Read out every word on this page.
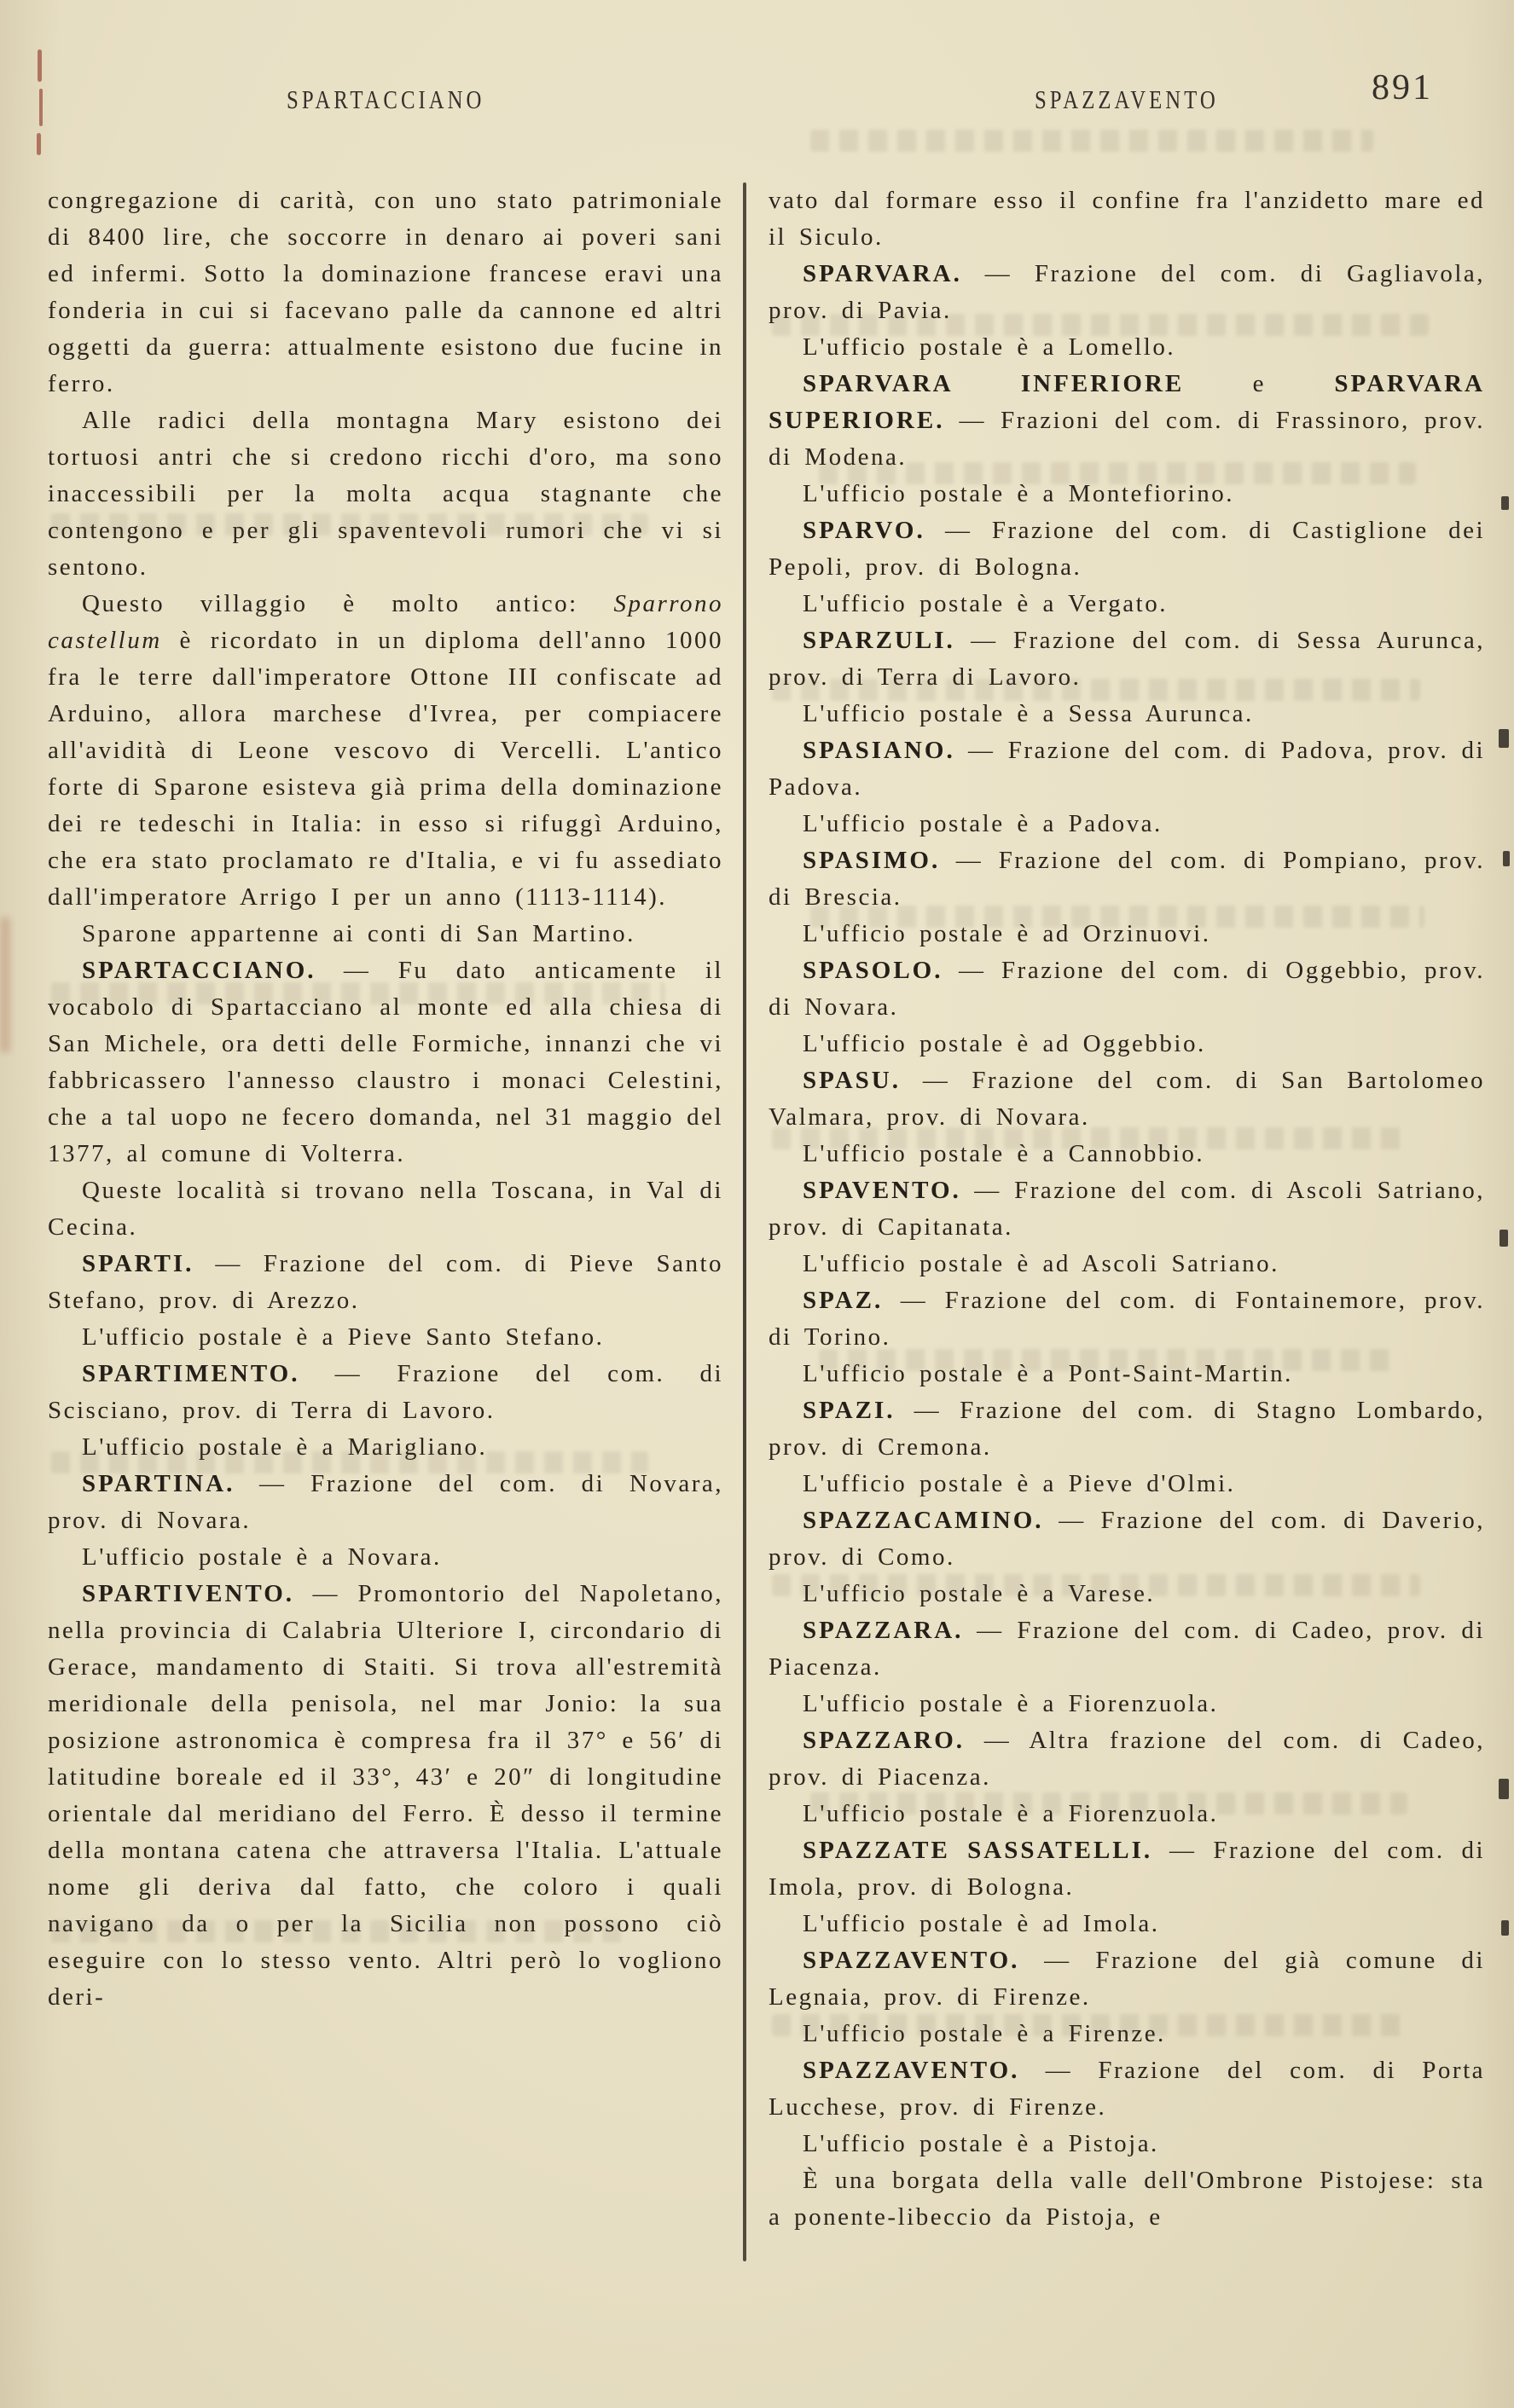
SPARTACCIANO	SPAZZAVENTO	891

congregazione di carità, con uno stato patrimoniale di 8400 lire, che soccorre in denaro ai poveri sani ed infermi. Sotto la dominazione francese eravi una fonderia in cui si facevano palle da cannone ed altri oggetti da guerra: attualmente esistono due fucine in ferro.

Alle radici della montagna Mary esistono dei tortuosi antri che si credono ricchi d'oro, ma sono inaccessibili per la molta acqua stagnante che contengono e per gli spaventevoli rumori che vi si sentono.

Questo villaggio è molto antico: Sparrono castellum è ricordato in un diploma dell'anno 1000 fra le terre dall'imperatore Ottone III confiscate ad Arduino, allora marchese d'Ivrea, per compiacere all'avidità di Leone vescovo di Vercelli. L'antico forte di Sparone esisteva già prima della dominazione dei re tedeschi in Italia: in esso si rifuggì Arduino, che era stato proclamato re d'Italia, e vi fu assediato dall'imperatore Arrigo I per un anno (1113-1114).

Sparone appartenne ai conti di San Martino.

SPARTACCIANO. — Fu dato anticamente il vocabolo di Spartacciano al monte ed alla chiesa di San Michele, ora detti delle Formiche, innanzi che vi fabbricassero l'annesso claustro i monaci Celestini, che a tal uopo ne fecero domanda, nel 31 maggio del 1377, al comune di Volterra.

Queste località si trovano nella Toscana, in Val di Cecina.

SPARTI. — Frazione del com. di Pieve Santo Stefano, prov. di Arezzo.

L'ufficio postale è a Pieve Santo Stefano.

SPARTIMENTO. — Frazione del com. di Scisciano, prov. di Terra di Lavoro.

L'ufficio postale è a Marigliano.

SPARTINA. — Frazione del com. di Novara, prov. di Novara.

L'ufficio postale è a Novara.

SPARTIVENTO. — Promontorio del Napoletano, nella provincia di Calabria Ulteriore I, circondario di Gerace, mandamento di Staiti. Si trova all'estremità meridionale della penisola, nel mar Jonio: la sua posizione astronomica è compresa fra il 37° e 56′ di latitudine boreale ed il 33°, 43′ e 20″ di longitudine orientale dal meridiano del Ferro. È desso il termine della montana catena che attraversa l'Italia. L'attuale nome gli deriva dal fatto, che coloro i quali navigano da o per la Sicilia non possono ciò eseguire con lo stesso vento. Altri però lo vogliono deri-

vato dal formare esso il confine fra l'anzidetto mare ed il Siculo.

SPARVARA. — Frazione del com. di Gagliavola, prov. di Pavia.

L'ufficio postale è a Lomello.

SPARVARA INFERIORE e SPARVARA SUPERIORE. — Frazioni del com. di Frassinoro, prov. di Modena.

L'ufficio postale è a Montefiorino.

SPARVO. — Frazione del com. di Castiglione dei Pepoli, prov. di Bologna.

L'ufficio postale è a Vergato.

SPARZULI. — Frazione del com. di Sessa Aurunca, prov. di Terra di Lavoro.

L'ufficio postale è a Sessa Aurunca.

SPASIANO. — Frazione del com. di Padova, prov. di Padova.

L'ufficio postale è a Padova.

SPASIMO. — Frazione del com. di Pompiano, prov. di Brescia.

L'ufficio postale è ad Orzinuovi.

SPASOLO. — Frazione del com. di Oggebbio, prov. di Novara.

L'ufficio postale è ad Oggebbio.

SPASU. — Frazione del com. di San Bartolomeo Valmara, prov. di Novara.

L'ufficio postale è a Cannobbio.

SPAVENTO. — Frazione del com. di Ascoli Satriano, prov. di Capitanata.

L'ufficio postale è ad Ascoli Satriano.

SPAZ. — Frazione del com. di Fontainemore, prov. di Torino.

L'ufficio postale è a Pont-Saint-Martin.

SPAZI. — Frazione del com. di Stagno Lombardo, prov. di Cremona.

L'ufficio postale è a Pieve d'Olmi.

SPAZZACAMINO. — Frazione del com. di Daverio, prov. di Como.

L'ufficio postale è a Varese.

SPAZZARA. — Frazione del com. di Cadeo, prov. di Piacenza.

L'ufficio postale è a Fiorenzuola.

SPAZZARO. — Altra frazione del com. di Cadeo, prov. di Piacenza.

L'ufficio postale è a Fiorenzuola.

SPAZZATE SASSATELLI. — Frazione del com. di Imola, prov. di Bologna.

L'ufficio postale è ad Imola.

SPAZZAVENTO. — Frazione del già comune di Legnaia, prov. di Firenze.

L'ufficio postale è a Firenze.

SPAZZAVENTO. — Frazione del com. di Porta Lucchese, prov. di Firenze.

L'ufficio postale è a Pistoja.

È una borgata della valle dell'Ombrone Pistojese: sta a ponente-libeccio da Pistoja, e
